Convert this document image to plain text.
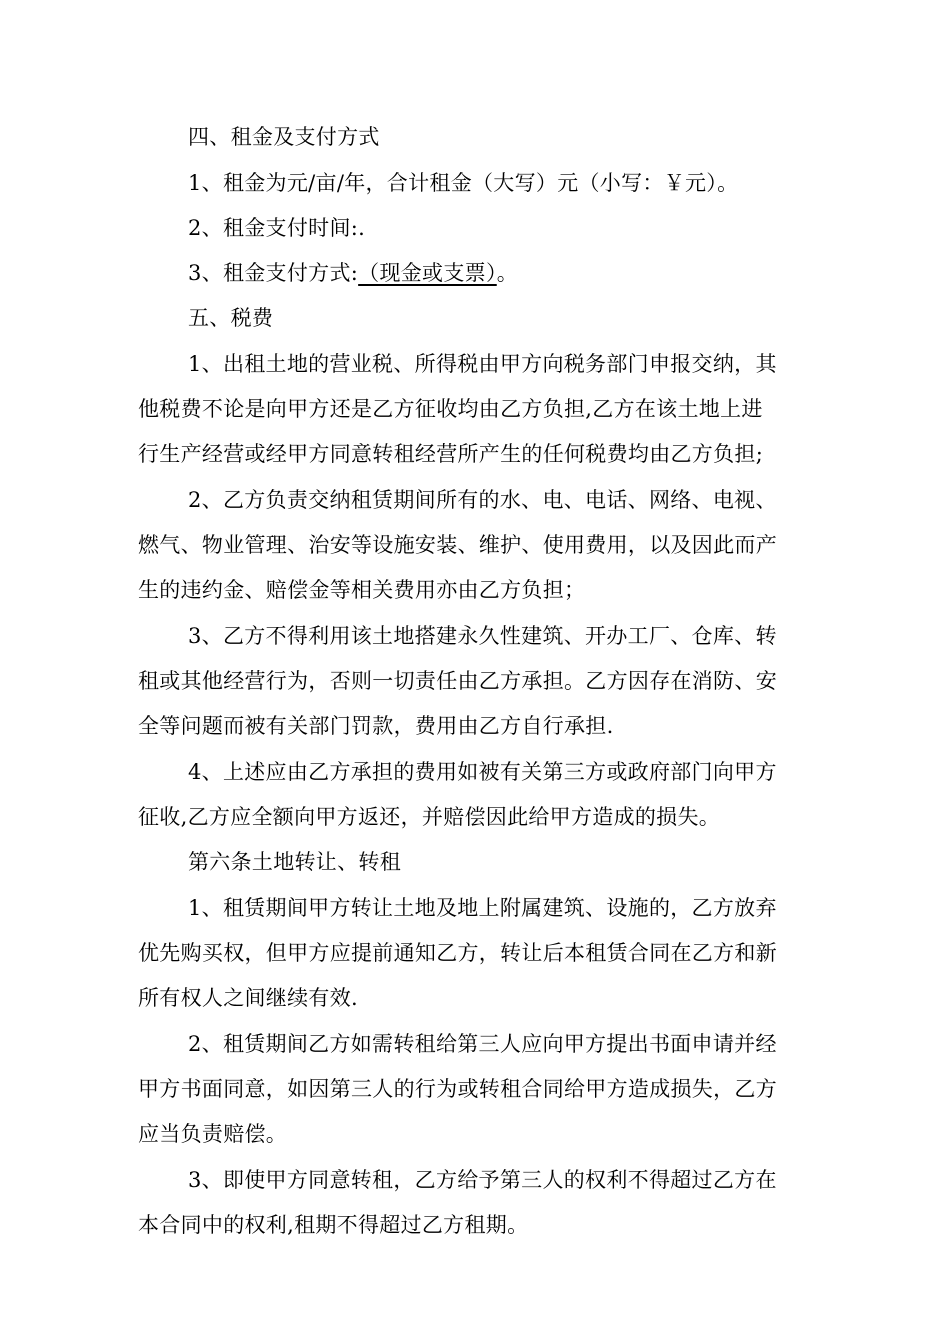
四、租金及支付方式
1、租金为元/亩/年，合计租金（大写）元（小写：￥元）。
2、租金支付时间:.
3、租金支付方式:（现金或支票）。
五、税费
1、出租土地的营业税、所得税由甲方向税务部门申报交纳，其
他税费不论是向甲方还是乙方征收均由乙方负担,乙方在该土地上进
行生产经营或经甲方同意转租经营所产生的任何税费均由乙方负担;
2、乙方负责交纳租赁期间所有的水、电、电话、网络、电视、
燃气、物业管理、治安等设施安装、维护、使用费用，以及因此而产
生的违约金、赔偿金等相关费用亦由乙方负担；
3、乙方不得利用该土地搭建永久性建筑、开办工厂、仓库、转
租或其他经营行为，否则一切责任由乙方承担。乙方因存在消防、安
全等问题而被有关部门罚款，费用由乙方自行承担.
4、上述应由乙方承担的费用如被有关第三方或政府部门向甲方
征收,乙方应全额向甲方返还，并赔偿因此给甲方造成的损失。
第六条土地转让、转租
1、租赁期间甲方转让土地及地上附属建筑、设施的，乙方放弃
优先购买权，但甲方应提前通知乙方，转让后本租赁合同在乙方和新
所有权人之间继续有效.
2、租赁期间乙方如需转租给第三人应向甲方提出书面申请并经
甲方书面同意，如因第三人的行为或转租合同给甲方造成损失，乙方
应当负责赔偿。
3、即使甲方同意转租，乙方给予第三人的权利不得超过乙方在
本合同中的权利,租期不得超过乙方租期。
